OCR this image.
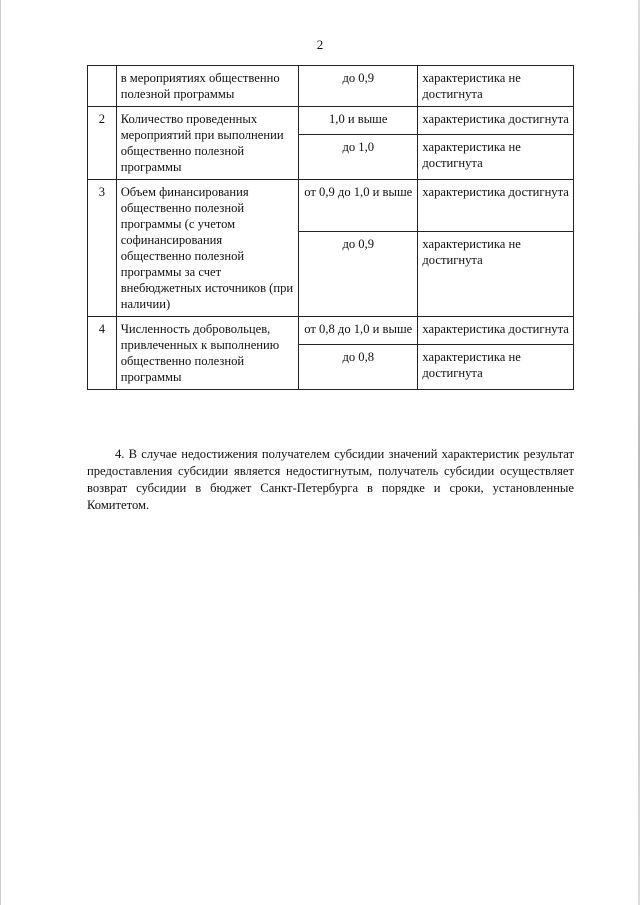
2
	в мероприятиях общественно полезной программы	до 0,9	характеристика не достигнута
2	Количество проведенных мероприятий при выполнении общественно полезной программы	1,0 и выше	характеристика достигнута
		до 1,0	характеристика не достигнута
3	Объем финансирования общественно полезной программы (с учетом софинансирования общественно полезной программы за счет внебюджетных источников (при наличии)	от 0,9 до 1,0 и выше	характеристика достигнута
		до 0,9	характеристика не достигнута
4	Численность добровольцев, привлеченных к выполнению общественно полезной программы	от 0,8 до 1,0 и выше	характеристика достигнута
		до 0,8	характеристика не достигнута

4. В случае недостижения получателем субсидии значений характеристик результат предоставления субсидии является недостигнутым, получатель субсидии осуществляет возврат субсидии в бюджет Санкт-Петербурга в порядке и сроки, установленные Комитетом.
